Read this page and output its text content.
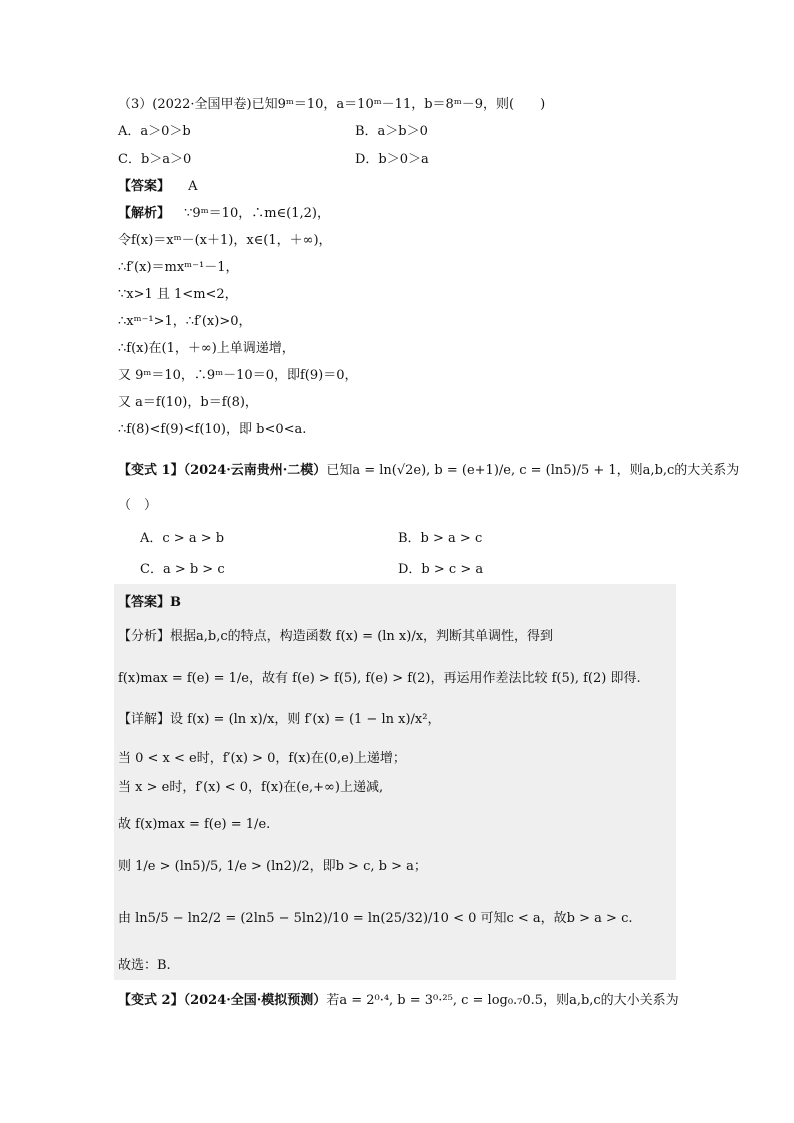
（3）(2022·全国甲卷)已知9ᵐ＝10，a＝10ᵐ－11，b＝8ᵐ－9，则(　　)
A．a＞0＞b	B．a＞b＞0
C．b＞a＞0	D．b＞0＞a
【答案】 A
【解析】 ∵9ᵐ＝10，∴m∈(1,2)，
令f(x)＝xᵐ－(x＋1)，x∈(1，＋∞)，
∴f′(x)＝mxᵐ⁻¹－1，
∵x>1 且 1<m<2，
∴xᵐ⁻¹>1，∴f′(x)>0，
∴f(x)在(1，＋∞)上单调递增，
又 9ᵐ＝10，∴9ᵐ－10＝0，即f(9)＝0，
又 a＝f(10)，b＝f(8)，
∴f(8)<f(9)<f(10)，即 b<0<a.
【变式 1】（2024·云南贵州·二模）已知a = ln(√2e), b = (e+1)/e, c = (ln5)/5 + 1，则a,b,c的大关系为
（　）
A．c > a > b	B．b > a > c
C．a > b > c	D．b > c > a
【答案】B
【分析】根据a,b,c的特点，构造函数 f(x) = (ln x)/x，判断其单调性，得到
f(x)max = f(e) = 1/e，故有 f(e) > f(5), f(e) > f(2)，再运用作差法比较 f(5), f(2) 即得.
【详解】设 f(x) = (ln x)/x，则 f′(x) = (1 − ln x)/x²，
当 0 < x < e时，f′(x) > 0，f(x)在(0,e)上递增；
当 x > e时，f′(x) < 0，f(x)在(e,+∞)上递减,
故 f(x)max = f(e) = 1/e.
则 1/e > (ln5)/5, 1/e > (ln2)/2，即b > c, b > a；
由 ln5/5 − ln2/2 = (2ln5 − 5ln2)/10 = ln(25/32)/10 < 0 可知c < a，故b > a > c.
故选：B.
【变式 2】（2024·全国·模拟预测）若a = 2⁰·⁴, b = 3⁰·²⁵, c = log₀.₇0.5，则a,b,c的大小关系为
